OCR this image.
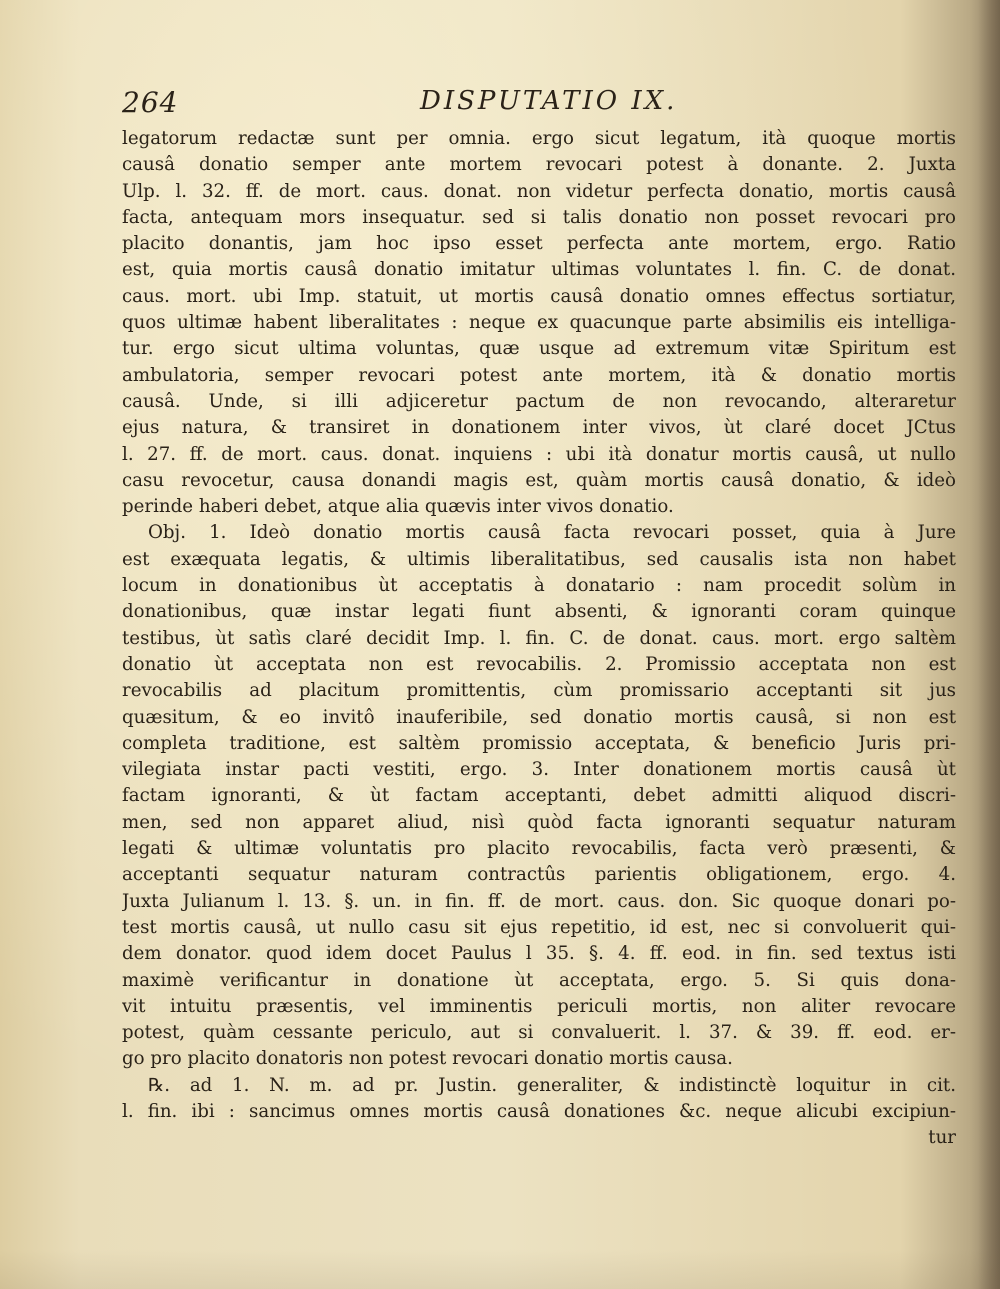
264	DISPUTATIO IX.
legatorum redactæ sunt per omnia. ergo sicut legatum, ità quoque mortis
causâ donatio semper ante mortem revocari potest à donante. 2. Juxta
Ulp. l. 32. ff. de mort. caus. donat. non videtur perfecta donatio, mortis causâ
facta, antequam mors insequatur. sed si talis donatio non posset revocari pro
placito donantis, jam hoc ipso esset perfecta ante mortem, ergo. Ratio
est, quia mortis causâ donatio imitatur ultimas voluntates l. fin. C. de donat.
caus. mort. ubi Imp. statuit, ut mortis causâ donatio omnes effectus sortiatur,
quos ultimæ habent liberalitates : neque ex quacunque parte absimilis eis intelliga-
tur. ergo sicut ultima voluntas, quæ usque ad extremum vitæ Spiritum est
ambulatoria, semper revocari potest ante mortem, ità & donatio mortis
causâ. Unde, si illi adjiceretur pactum de non revocando, alteraretur
ejus natura, & transiret in donationem inter vivos, ùt claré docet JCtus
l. 27. ff. de mort. caus. donat. inquiens : ubi ità donatur mortis causâ, ut nullo
casu revocetur, causa donandi magis est, quàm mortis causâ donatio, & ideò
perinde haberi debet, atque alia quævis inter vivos donatio.
Obj. 1. Ideò donatio mortis causâ facta revocari posset, quia à Jure
est exæquata legatis, & ultimis liberalitatibus, sed causalis ista non habet
locum in donationibus ùt acceptatis à donatario : nam procedit solùm in
donationibus, quæ instar legati fiunt absenti, & ignoranti coram quinque
testibus, ùt satìs claré decidit Imp. l. fin. C. de donat. caus. mort. ergo saltèm
donatio ùt acceptata non est revocabilis. 2. Promissio acceptata non est
revocabilis ad placitum promittentis, cùm promissario acceptanti sit jus
quæsitum, & eo invitô inauferibile, sed donatio mortis causâ, si non est
completa traditione, est saltèm promissio acceptata, & beneficio Juris pri-
vilegiata instar pacti vestiti, ergo. 3. Inter donationem mortis causâ ùt
factam ignoranti, & ùt factam acceptanti, debet admitti aliquod discri-
men, sed non apparet aliud, nisì quòd facta ignoranti sequatur naturam
legati & ultimæ voluntatis pro placito revocabilis, facta verò præsenti, &
acceptanti sequatur naturam contractûs parientis obligationem, ergo. 4.
Juxta Julianum l. 13. §. un. in fin. ff. de mort. caus. don. Sic quoque donari po-
test mortis causâ, ut nullo casu sit ejus repetitio, id est, nec si convoluerit qui-
dem donator. quod idem docet Paulus l 35. §. 4. ff. eod. in fin. sed textus isti
maximè verificantur in donatione ùt acceptata, ergo. 5. Si quis dona-
vit intuitu præsentis, vel imminentis periculi mortis, non aliter revocare
potest, quàm cessante periculo, aut si convaluerit. l. 37. & 39. ff. eod. er-
go pro placito donatoris non potest revocari donatio mortis causa.
℞. ad 1. N. m. ad pr. Justin. generaliter, & indistinctè loquitur in cit.
l. fin. ibi : sancimus omnes mortis causâ donationes &c. neque alicubi excipiun-
tur
